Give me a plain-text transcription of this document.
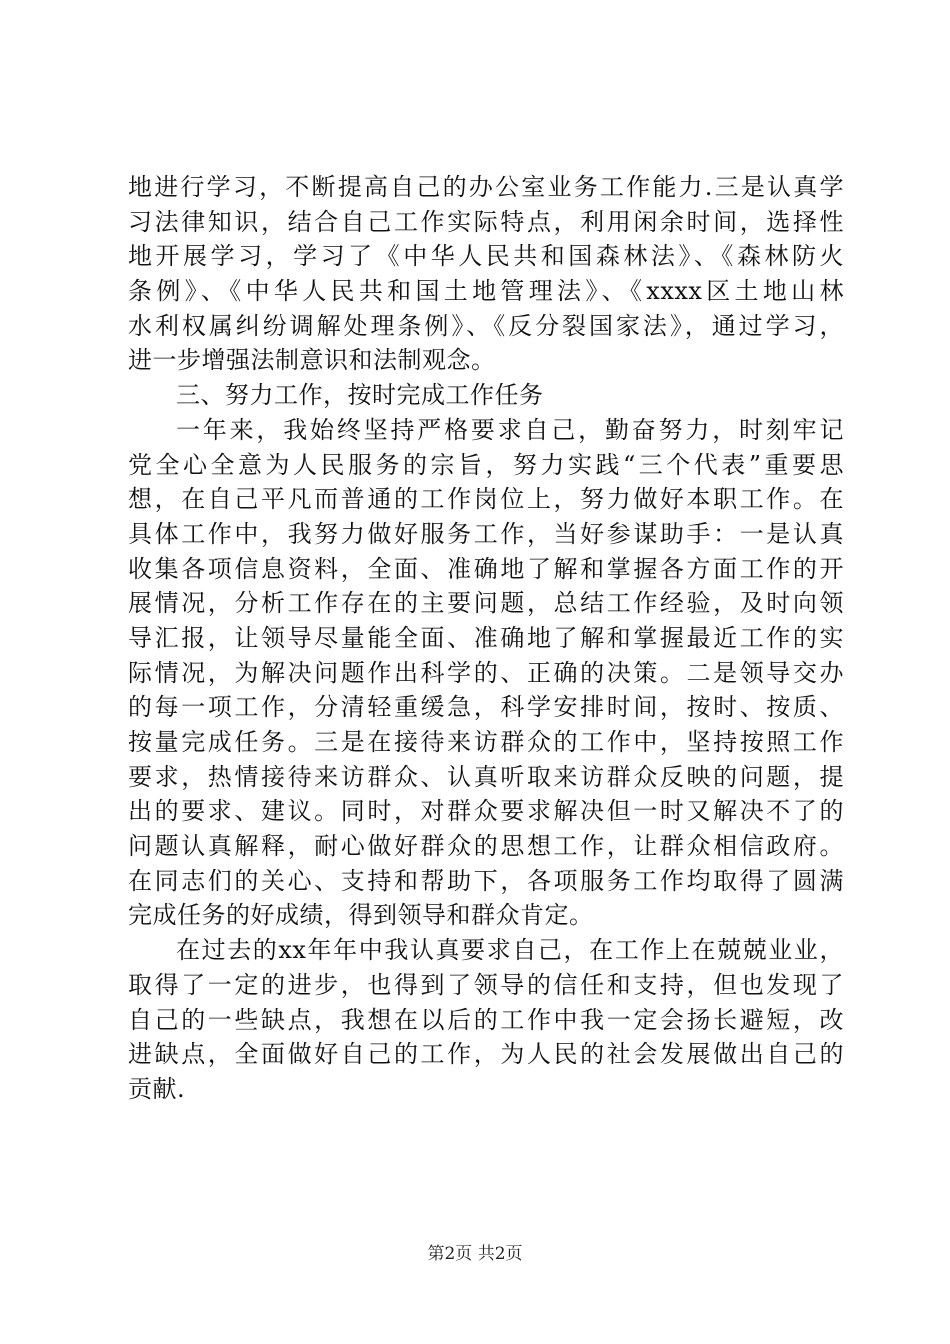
地进行学习，不断提高自己的办公室业务工作能力.三是认真学
习法律知识，结合自己工作实际特点，利用闲余时间，选择性
地开展学习，学习了《中华人民共和国森林法》、《森林防火
条例》、《中华人民共和国土地管理法》、《xxxx区土地山林
水利权属纠纷调解处理条例》、《反分裂国家法》，通过学习，
进一步增强法制意识和法制观念。
三、努力工作，按时完成工作任务
一年来，我始终坚持严格要求自己，勤奋努力，时刻牢记
党全心全意为人民服务的宗旨，努力实践“三个代表”重要思
想，在自己平凡而普通的工作岗位上，努力做好本职工作。在
具体工作中，我努力做好服务工作，当好参谋助手：一是认真
收集各项信息资料，全面、准确地了解和掌握各方面工作的开
展情况，分析工作存在的主要问题，总结工作经验，及时向领
导汇报，让领导尽量能全面、准确地了解和掌握最近工作的实
际情况，为解决问题作出科学的、正确的决策。二是领导交办
的每一项工作，分清轻重缓急，科学安排时间，按时、按质、
按量完成任务。三是在接待来访群众的工作中，坚持按照工作
要求，热情接待来访群众、认真听取来访群众反映的问题，提
出的要求、建议。同时，对群众要求解决但一时又解决不了的
问题认真解释，耐心做好群众的思想工作，让群众相信政府。
在同志们的关心、支持和帮助下，各项服务工作均取得了圆满
完成任务的好成绩，得到领导和群众肯定。
在过去的xx年年中我认真要求自己，在工作上在兢兢业业，
取得了一定的进步，也得到了领导的信任和支持，但也发现了
自己的一些缺点，我想在以后的工作中我一定会扬长避短，改
进缺点，全面做好自己的工作，为人民的社会发展做出自己的
贡献.
第2页 共2页
